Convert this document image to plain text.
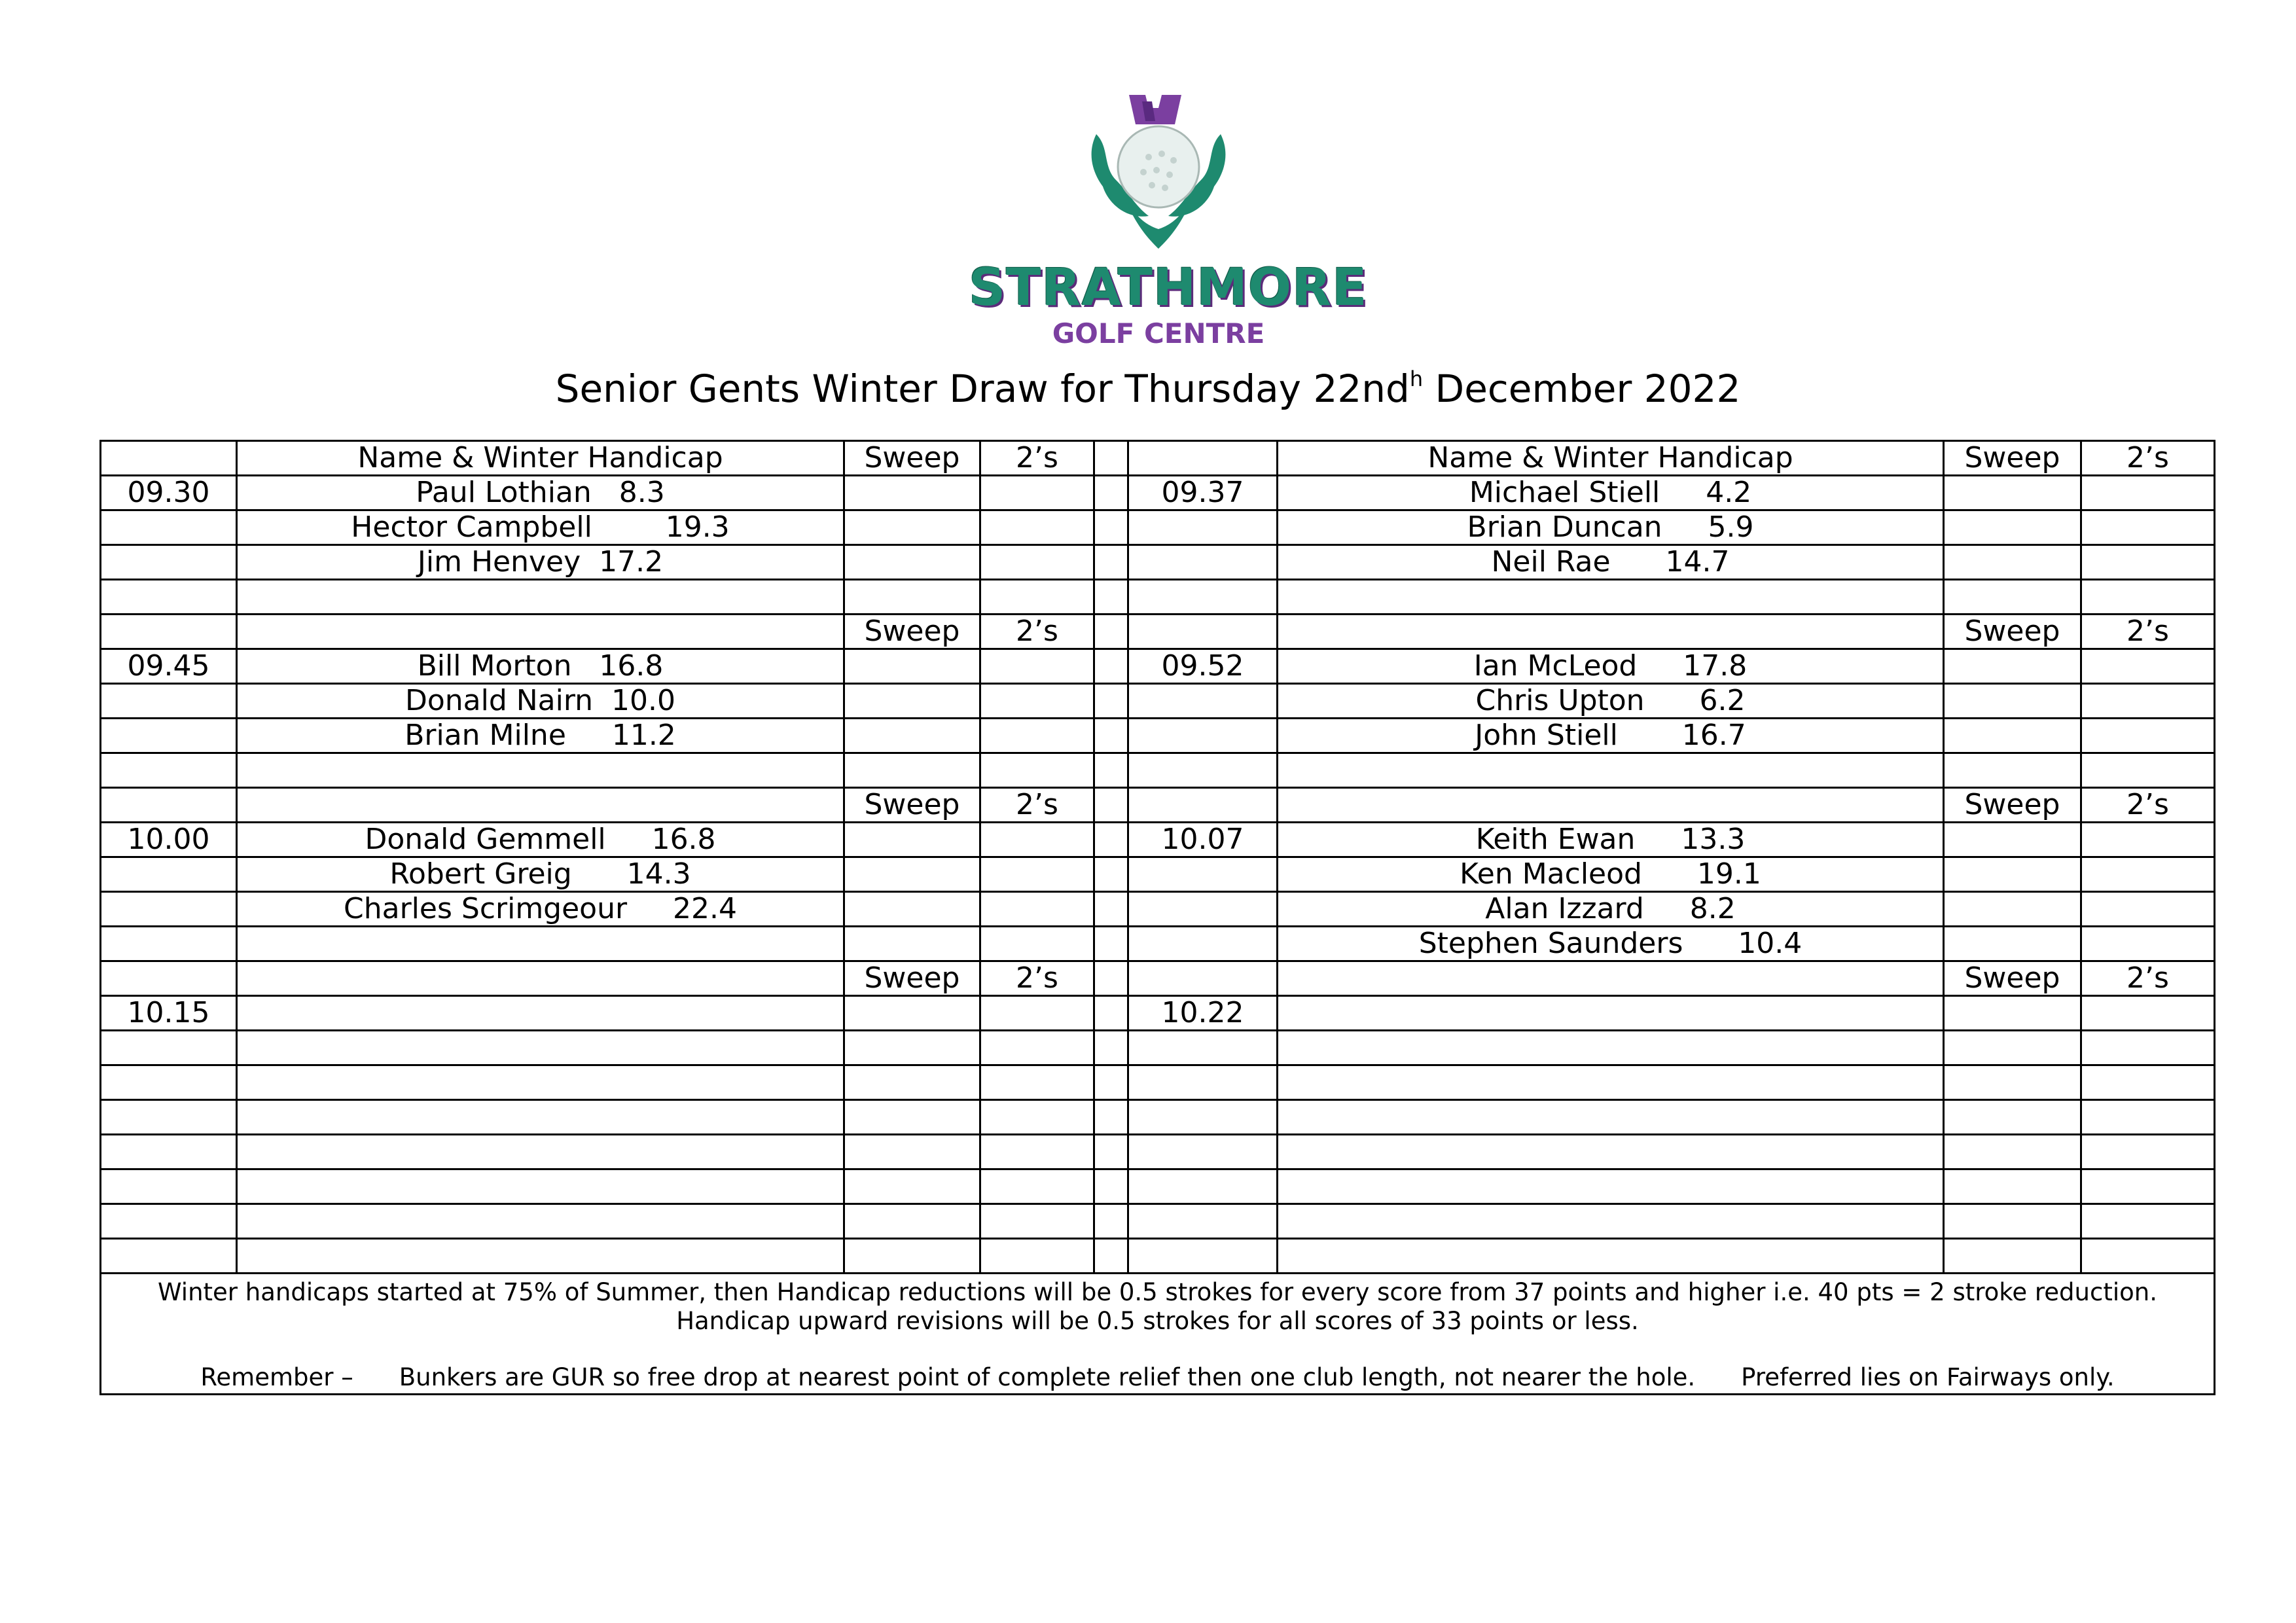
STRATHMORE
GOLF CENTRE
Senior Gents Winter Draw for Thursday $22nd^h$ December 2022
	Name & Winter Handicap	Sweep	2’s			Name & Winter Handicap	Sweep	2’s
09.30	Paul Lothian   8.3				09.37	Michael Stiell     4.2		
	Hector Campbell        19.3					Brian Duncan     5.9		
	Jim Henvey  17.2					Neil Rae      14.7		

		Sweep	2’s				Sweep	2’s
09.45	Bill Morton   16.8				09.52	Ian McLeod     17.8		
	Donald Nairn  10.0					Chris Upton      6.2		
	Brian Milne     11.2					John Stiell       16.7		

		Sweep	2’s				Sweep	2’s
10.00	Donald Gemmell     16.8				10.07	Keith Ewan     13.3		
	Robert Greig      14.3					Ken Macleod      19.1		
	Charles Scrimgeour     22.4					Alan Izzard     8.2		
						Stephen Saunders      10.4		
		Sweep	2’s				Sweep	2’s
10.15					10.22			

Winter handicaps started at 75% of Summer, then Handicap reductions will be 0.5 strokes for every score from 37 points and higher i.e. 40 pts = 2 stroke reduction.
Handicap upward revisions will be 0.5 strokes for all scores of 33 points or less.
Remember – Bunkers are GUR so free drop at nearest point of complete relief then one club length, not nearer the hole. Preferred lies on Fairways only.								
